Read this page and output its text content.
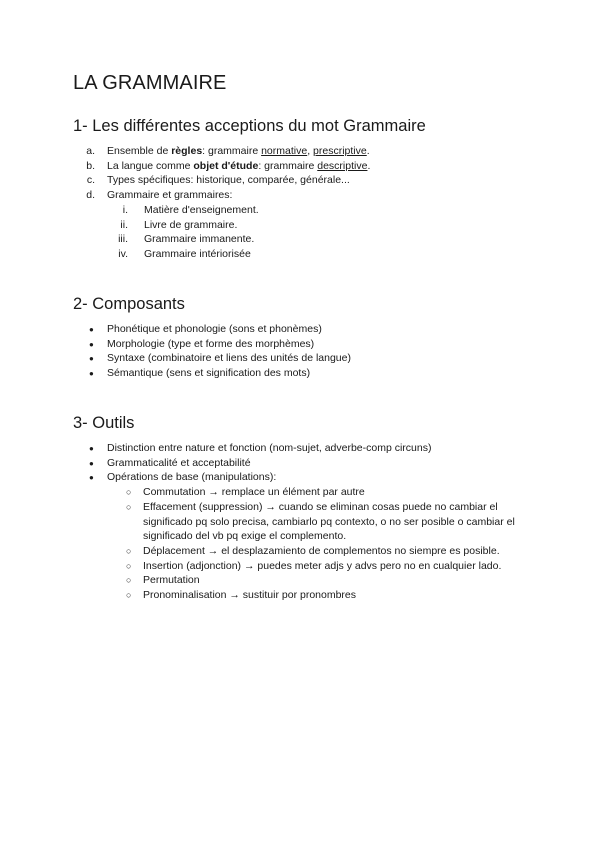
LA GRAMMAIRE
1- Les différentes acceptions du mot Grammaire
a. Ensemble de règles: grammaire normative, prescriptive.
b. La langue comme objet d'étude: grammaire descriptive.
c. Types spécifiques: historique, comparée, générale...
d. Grammaire et grammaires:
i. Matière d'enseignement.
ii. Livre de grammaire.
iii. Grammaire immanente.
iv. Grammaire intériorisée
2- Composants
● Phonétique et phonologie (sons et phonèmes)
● Morphologie (type et forme des morphèmes)
● Syntaxe (combinatoire et liens des unités de langue)
● Sémantique (sens et signification des mots)
3- Outils
● Distinction entre nature et fonction (nom-sujet, adverbe-comp circuns)
● Grammaticalité et acceptabilité
● Opérations de base (manipulations):
○ Commutation → remplace un élément par autre
○ Effacement (suppression) → cuando se eliminan cosas puede no cambiar el significado pq solo precisa, cambiarlo pq contexto, o no ser posible o cambiar el significado del vb pq exige el complemento.
○ Déplacement → el desplazamiento de complementos no siempre es posible.
○ Insertion (adjonction) → puedes meter adjs y advs pero no en cualquier lado.
○ Permutation
○ Pronominalisation → sustituir por pronombres
